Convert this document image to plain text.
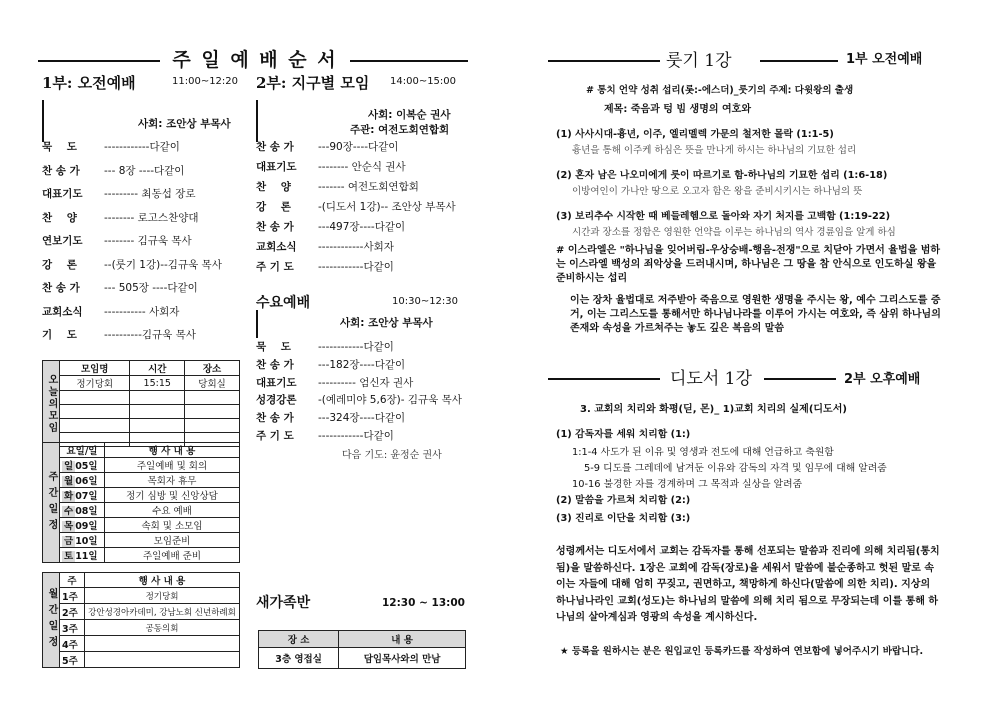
주 일 예 배 순 서
1부: 오전예배	11:00~12:20
사회: 조안상 부목사
2부: 지구별 모임 14:00~15:00
사회: 이복순 권사
주관: 여전도회연합회
수요예배	10:30~12:30
사회: 조안상 부목사
다음 기도: 윤정순 권사
오늘의모임	모임명	시간	장소
	정기당회	15:15	당회실

주간일정	요일/일	행 사 내 용
	일 05일	주일예배 및 회의
	월 06일	목회자 휴무
	화 07일	정기 심방 및 신앙상담
	수 08일	수요 예배
	목 09일	속회 및 소모임
	금 10일	모임준비
	토 11일	주일예배 준비
월간일정	주	행 사 내 용
	1주	정기당회
	2주	강안성경아카데미, 강남노회 신년하례회
	3주	공동의회
	4주	
	5주	
새가족반	12:30 ~ 13:00
장 소	내 용
3층 영접실	담임목사와의 만남
룻기 1강	1부 오전예배
# 통치 언약 성취 섭리(롯:-에스더)_룻기의 주제: 다윗왕의 출생
제목: 죽음과 텅 빔 생명의 여호와
# 이스라엘은 "하나님을 잊어버림-우상숭배-행음-전쟁"으로 치닫아 가면서 율법을 범하는 이스라엘 백성의 죄악상을 드러내시며, 하나님은 그 땅을 참 안식으로 인도하실 왕을 준비하시는 섭리
이는 장차 율법대로 저주받아 죽음으로 영원한 생명을 주시는 왕, 예수 그리스도를 증거, 이는 그리스도를 통해서만 하나님나라를 이루어 가시는 여호와, 즉 삼위 하나님의 존재와 속성을 가르쳐주는 놓도 깊은 복음의 말씀
디도서 1강	2부 오후예배
3. 교회의 치리와 화평(딛, 몬)_ 1)교회 치리의 실제(디도서)
성령께서는 디도서에서 교회는 감독자를 통해 선포되는 말씀과 진리에 의해 치리됨(통치됨)을 말씀하신다. 1장은 교회에 감독(장로)을 세워서 말씀에 불순종하고 헛된 말로 속이는 자들에 대해 엄히 꾸짖고, 권면하고, 책망하게 하신다(말씀에 의한 치리). 지상의 하나님나라인 교회(성도)는 하나님의 말씀에 의해 치리 됨으로 무장되는데 이를 통해 하나님의 살아계심과 영광의 속성을 계시하신다.
★ 등록을 원하시는 분은 원입교인 등록카드를 작성하여 연보함에 넣어주시기 바랍니다.
묵    도	------------다같이
찬 송 가 --- 8장 ----다같이
대표기도 --------- 최동섭 장로
찬    양	-------- 로고스찬양대
연보기도 -------- 김규욱 목사
강    론	--(룻기 1강)--김규욱 목사
찬 송 가 --- 505장 ----다같이
교회소식 ----------- 사회자
기    도	----------김규욱 목사
찬 송 가 ---90장----다같이
대표기도 -------- 안순식 권사
찬    양	------- 여전도회연합회
강    론	-(디도서 1강)-- 조안상 부목사
찬 송 가 ---497장----다같이
교회소식 ------------사회자
주 기 도 ------------다같이
묵    도	------------다같이
찬 송 가 ---182장----다같이
대표기도 ---------- 엄신자 권사
성경강론 -(예레미야 5,6장)- 김규욱 목사
찬 송 가 ---324장----다같이
주 기 도 ------------다같이
(1) 사사시대-흉년, 이주, 엘리멜렉 가문의 철저한 몰락 (1:1-5)
흉년을 통해 이주케 하심은 뜻을 만나게 하시는 하나님의 기묘한 섭리
(2) 혼자 남은 나오미에게 룻이 따르기로 함-하나님의 기묘한 섭리 (1:6-18)
이방여인이 가나안 땅으로 오고자 함은 왕을 준비시키시는 하나님의 뜻
(3) 보리추수 시작한 때 베들레헴으로 돌아와 자기 처지를 고백함 (1:19-22)
시간과 장소를 정함은 영원한 언약을 이루는 하나님의 역사 경륜임을 알게 하심
(1) 감독자를 세워 치리함 (1:)
1:1-4 사도가 된 이유 및 영생과 전도에 대해 언급하고 축원함
5-9 디도를 그레데에 남겨둔 이유와 감독의 자격 및 임무에 대해 알려줌
10-16 불경한 자를 경계하며 그 목적과 실상을 알려줌
(2) 말씀을 가르쳐 치리함 (2:)
(3) 진리로 이단을 치리함 (3:)
